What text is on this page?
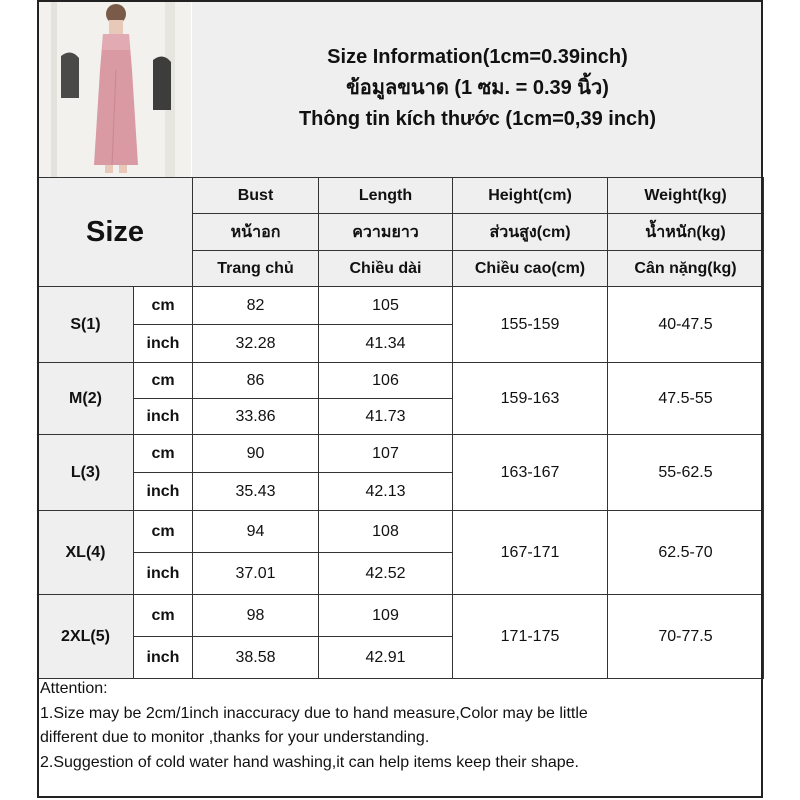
Size Information(1cm=0.39inch)
ข้อมูลขนาด (1 ซม. = 0.39 นิ้ว)
Thông tin kích thước (1cm=0,39 inch)
Size		Bust	Length	Height(cm)	Weight(kg)
		หน้าอก	ความยาว	ส่วนสูง(cm)	น้ำหนัก(kg)
		Trang chủ	Chiều dài	Chiều cao(cm)	Cân nặng(kg)
S(1)	cm	82	105	155-159	40-47.5
	inch	32.28	41.34		
M(2)	cm	86	106	159-163	47.5-55
	inch	33.86	41.73		
L(3)	cm	90	107	163-167	55-62.5
	inch	35.43	42.13		
XL(4)	cm	94	108	167-171	62.5-70
	inch	37.01	42.52		
2XL(5)	cm	98	109	171-175	70-77.5
	inch	38.58	42.91		
Attention:
1.Size may be 2cm/1inch inaccuracy due to hand measure,Color may be little
different due to monitor ,thanks for your understanding.
2.Suggestion of cold water hand washing,it can help items keep their shape.
